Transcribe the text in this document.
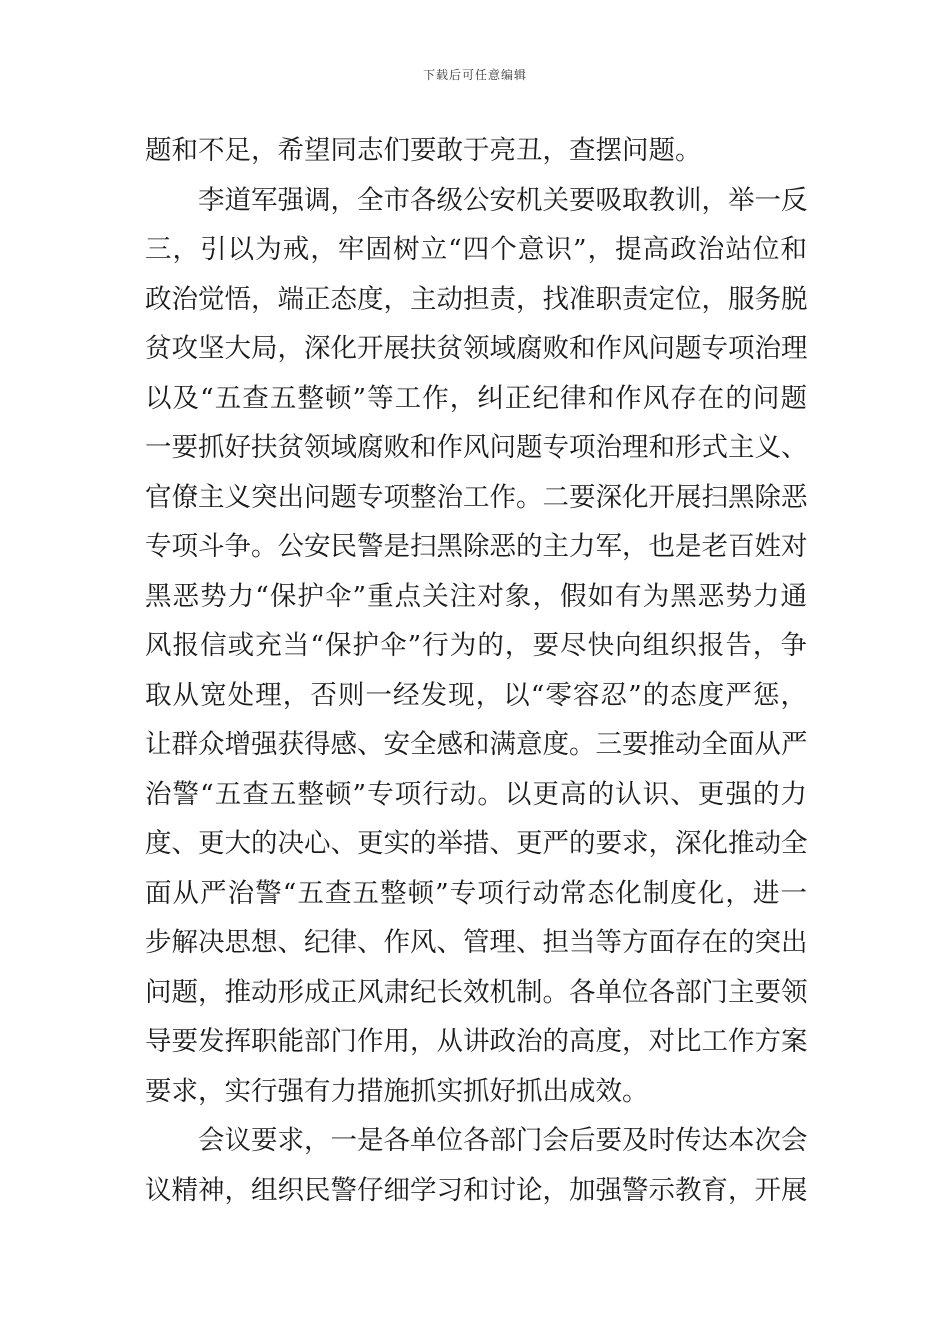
下载后可任意编辑
题和不足，希望同志们要敢于亮丑，查摆问题。
李道军强调，全市各级公安机关要吸取教训，举一反
三，引以为戒，牢固树立“四个意识”，提高政治站位和
政治觉悟，端正态度，主动担责，找准职责定位，服务脱
贫攻坚大局，深化开展扶贫领域腐败和作风问题专项治理
以及“五查五整顿”等工作，纠正纪律和作风存在的问题
一要抓好扶贫领域腐败和作风问题专项治理和形式主义、
官僚主义突出问题专项整治工作。二要深化开展扫黑除恶
专项斗争。公安民警是扫黑除恶的主力军，也是老百姓对
黑恶势力“保护伞”重点关注对象，假如有为黑恶势力通
风报信或充当“保护伞”行为的，要尽快向组织报告，争
取从宽处理，否则一经发现，以“零容忍”的态度严惩，
让群众增强获得感、安全感和满意度。三要推动全面从严
治警“五查五整顿”专项行动。以更高的认识、更强的力
度、更大的决心、更实的举措、更严的要求，深化推动全
面从严治警“五查五整顿”专项行动常态化制度化，进一
步解决思想、纪律、作风、管理、担当等方面存在的突出
问题，推动形成正风肃纪长效机制。各单位各部门主要领
导要发挥职能部门作用，从讲政治的高度，对比工作方案
要求，实行强有力措施抓实抓好抓出成效。
会议要求，一是各单位各部门会后要及时传达本次会
议精神，组织民警仔细学习和讨论，加强警示教育，开展
